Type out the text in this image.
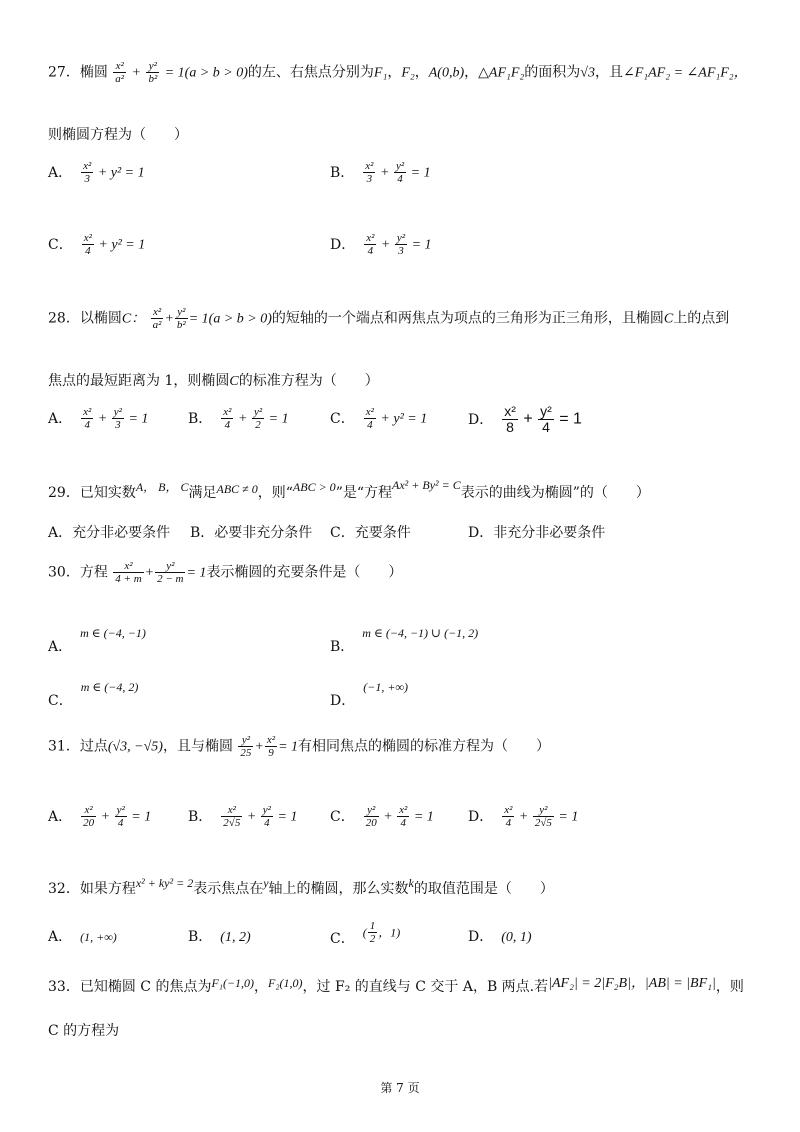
27．椭圆 $\frac{\text{x²}}{\text{a²}} + \frac{\text{y²}}{\text{b²}} = 1(a > b > 0)$的左、右焦点分别为F₁，F₂，A(0,b)，△AF₁F₂的面积为√3，且∠F₁AF₂ = ∠AF₁F₂，
则椭圆方程为（　　）
A． $\frac{\text{x²}}{3} + y^2 = 1$	B． $\frac{\text{x²}}{3} + \frac{\text{y²}}{4} = 1$
C． $\frac{\text{x²}}{4} + y^2 = 1$	D． $\frac{\text{x²}}{4} + \frac{\text{y²}}{3} = 1$
28．以椭圆C： $\frac{\text{x²}}{\text{a²}} + \frac{\text{y²}}{\text{b²}} = 1(a > b > 0)$的短轴的一个端点和两焦点为项点的三角形为正三角形，且椭圆C上的点到
焦点的最短距离为 1，则椭圆C的标准方程为（　　）
A． $\frac{\text{x²}}{4} + \frac{\text{y²}}{3} = 1$	B． $\frac{\text{x²}}{4} + \frac{\text{y²}}{2} = 1$	C． $\frac{\text{x²}}{4} + y^2 = 1$	D． $\frac{\text{x²}}{8} + \frac{\text{y²}}{4} = 1$
29．已知实数A， B， C满足ABC ≠ 0，则“ABC > 0”是“方程Ax² + By² = C表示的曲线为椭圆”的（　　）
A．充分非必要条件 B．必要非充分条件 C．充要条件	D．非充分非必要条件
30．方程 $\frac{\text{x²}}{4 + m} + \frac{\text{y²}}{2 - m} = 1$表示椭圆的充要条件是（　　）
A．m ∈ (−4, −1)
B．m ∈ (−4, −1) ∪ (−1, 2)
C．m ∈ (−4, 2)
D．(−1, +∞)
31．过点(√3, −√5)，且与椭圆 $\frac{\text{y²}}{25} + \frac{\text{x²}}{9} = 1$有相同焦点的椭圆的标准方程为（　　）
A． $\frac{\text{x²}}{20} + \frac{\text{y²}}{4} = 1$	B． $\frac{\text{x²}}{2√5} + \frac{\text{y²}}{4} = 1$ C． $\frac{\text{y²}}{20} + \frac{\text{x²}}{4} = 1$ D． $\frac{\text{x²}}{4} + \frac{\text{y²}}{2√5} = 1$
32．如果方程x² + ky² = 2表示焦点在y轴上的椭圆，那么实数k的取值范围是（　　）
A． (1, +∞)	B． (1, 2)	C． ( $\frac{1}{2}$ ，1)	D． (0, 1)
33．已知椭圆 C 的焦点为F₁(−1,0)，F₂(1,0)，过 F₂ 的直线与 C 交于 A，B 两点.若|AF₂| = 2|F₂B|，|AB| = |BF₁|，则
C 的方程为
第 7 页
